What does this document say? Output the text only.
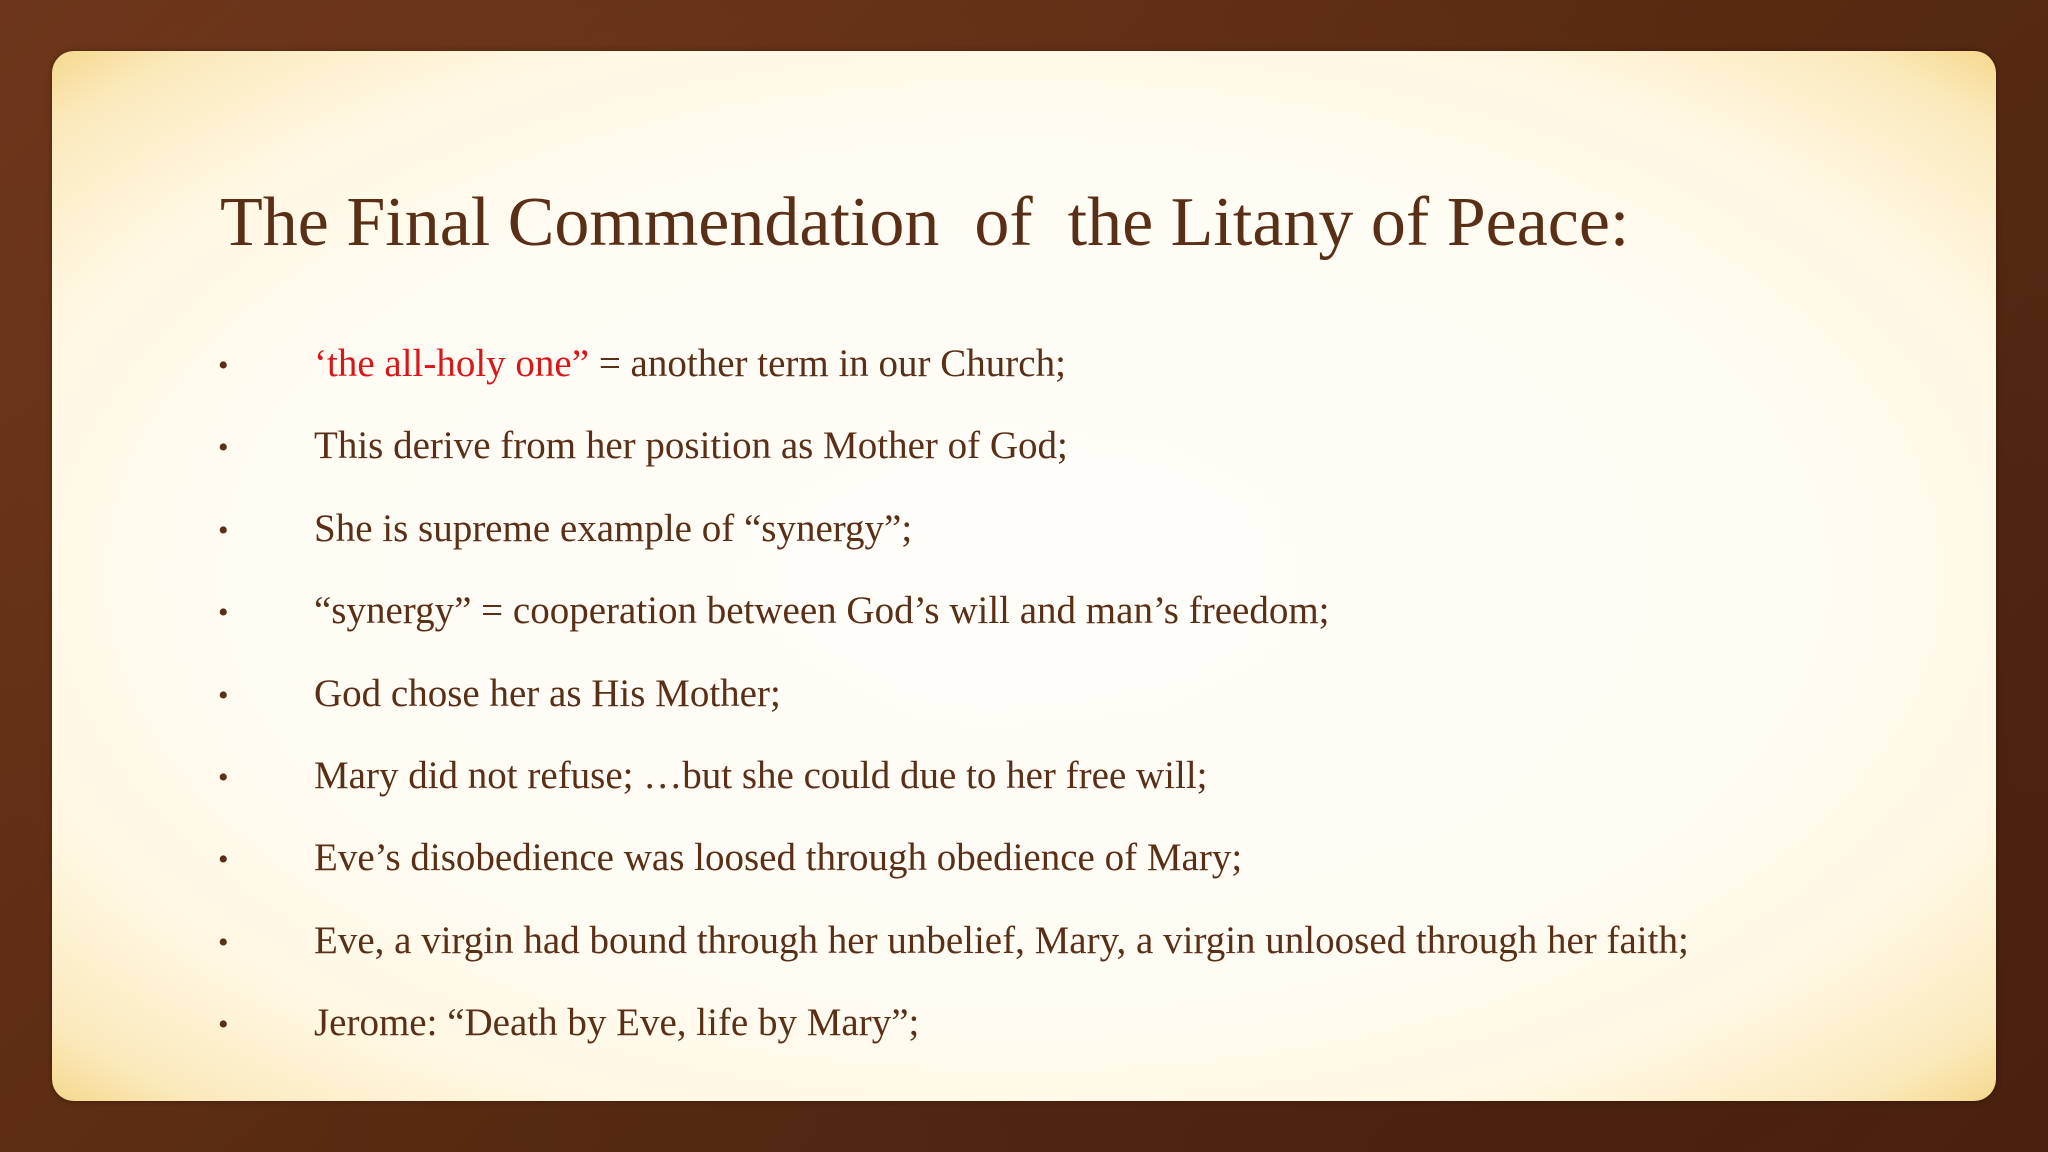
The Final Commendation  of  the Litany of Peace:
• ‘the all-holy one” = another term in our Church;
• This derive from her position as Mother of God;
• She is supreme example of “synergy”;
• “synergy” = cooperation between God’s will and man’s freedom;
• God chose her as His Mother;
• Mary did not refuse; …but she could due to her free will;
• Eve’s disobedience was loosed through obedience of Mary;
• Eve, a virgin had bound through her unbelief, Mary, a virgin unloosed through her faith;
• Jerome: “Death by Eve, life by Mary”;
